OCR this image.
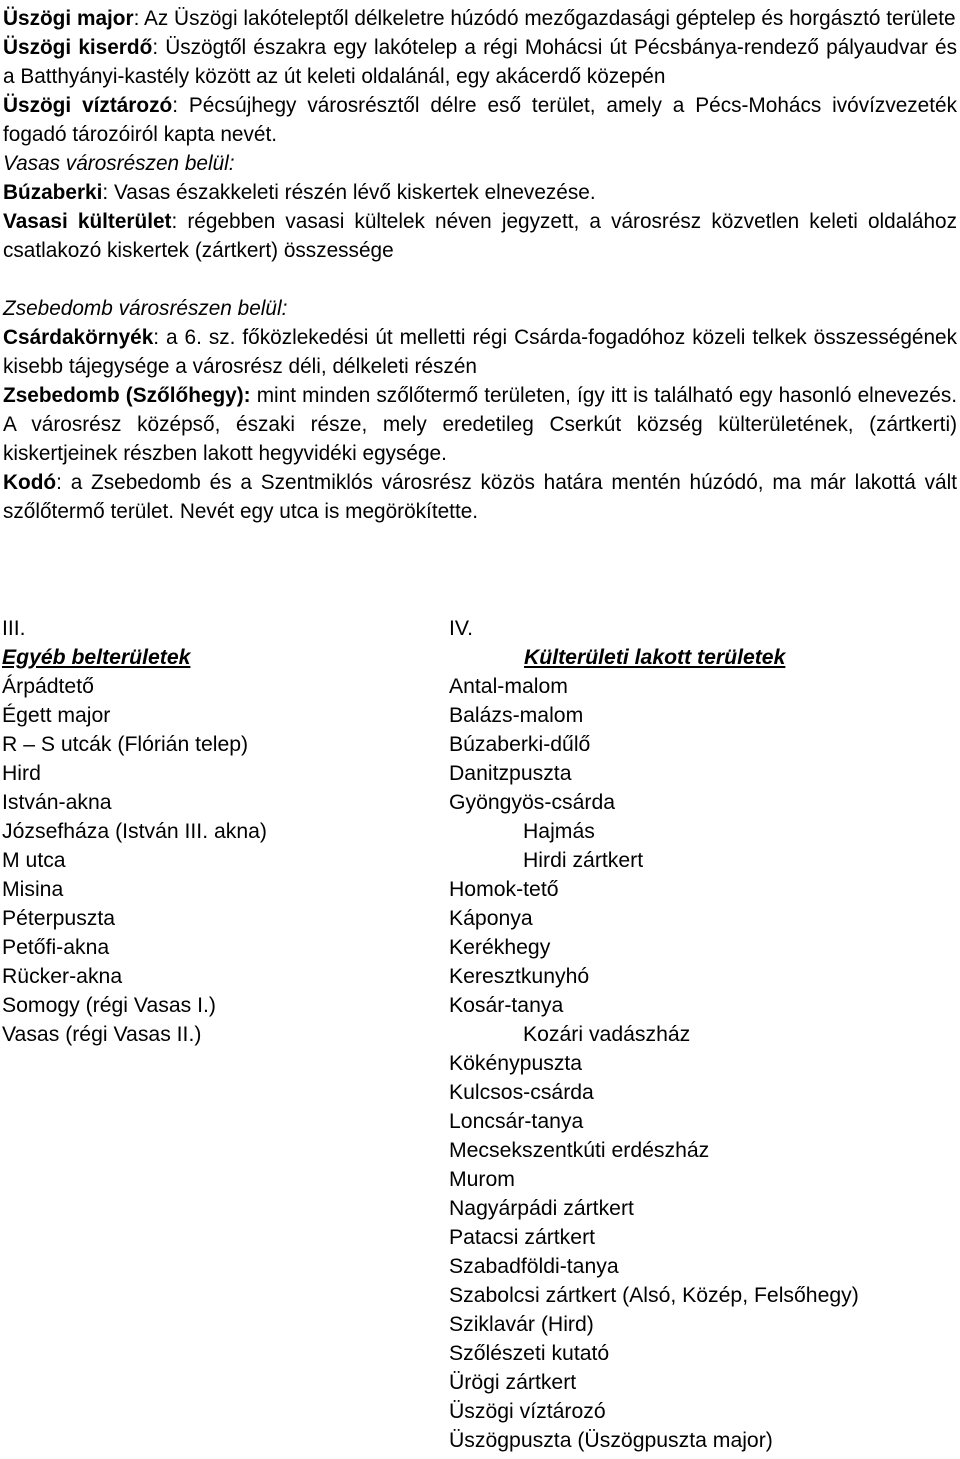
Üszögi major: Az Üszögi lakóteleptől délkeletre húzódó mezőgazdasági géptelep és horgásztó területe

Üszögi kiserdő: Üszögtől északra egy lakótelep a régi Mohácsi út Pécsbánya-rendező pályaudvar és a Batthyányi-kastély között az út keleti oldalánál, egy akácerdő közepén

Üszögi víztározó: Pécsújhegy városrésztől délre eső terület, amely a Pécs-Mohács ivóvízvezeték fogadó tározóiról kapta nevét.

Vasas városrészen belül:

Búzaberki: Vasas északkeleti részén lévő kiskertek elnevezése.

Vasasi külterület: régebben vasasi kültelek néven jegyzett, a városrész közvetlen keleti oldalához csatlakozó kiskertek (zártkert) összessége

Zsebedomb városrészen belül:

Csárdakörnyék: a 6. sz. főközlekedési út melletti régi Csárda-fogadóhoz közeli telkek összességének kisebb tájegysége a városrész déli, délkeleti részén

Zsebedomb (Szőlőhegy): mint minden szőlőtermő területen, így itt is található egy hasonló elnevezés. A városrész középső, északi része, mely eredetileg Cserkút község külterületének, (zártkerti) kiskertjeinek részben lakott hegyvidéki egysége.

Kodó: a Zsebedomb és a Szentmiklós városrész közös határa mentén húzódó, ma már lakottá vált szőlőtermő terület. Nevét egy utca is megörökítette.

III.
Egyéb belterületek
Árpádtető
Égett major
R – S utcák (Flórián telep)
Hird
István-akna
Józsefháza (István III. akna)
M utca
Misina
Péterpuszta
Petőfi-akna
Rücker-akna
Somogy (régi Vasas I.)
Vasas (régi Vasas II.)
IV.
Külterületi lakott területek
Antal-malom
Balázs-malom
Búzaberki-dűlő
Danitzpuszta
Gyöngyös-csárda
Hajmás
Hirdi zártkert
Homok-tető
Káponya
Kerékhegy
Keresztkunyhó
Kosár-tanya
Kozári vadászház
Kökénypuszta
Kulcsos-csárda
Loncsár-tanya
Mecsekszentkúti erdészház
Murom
Nagyárpádi zártkert
Patacsi zártkert
Szabadföldi-tanya
Szabolcsi zártkert (Alsó, Közép, Felsőhegy)
Sziklavár (Hird)
Szőlészeti kutató
Ürögi zártkert
Üszögi víztározó
Üszögpuszta (Üszögpuszta major)
